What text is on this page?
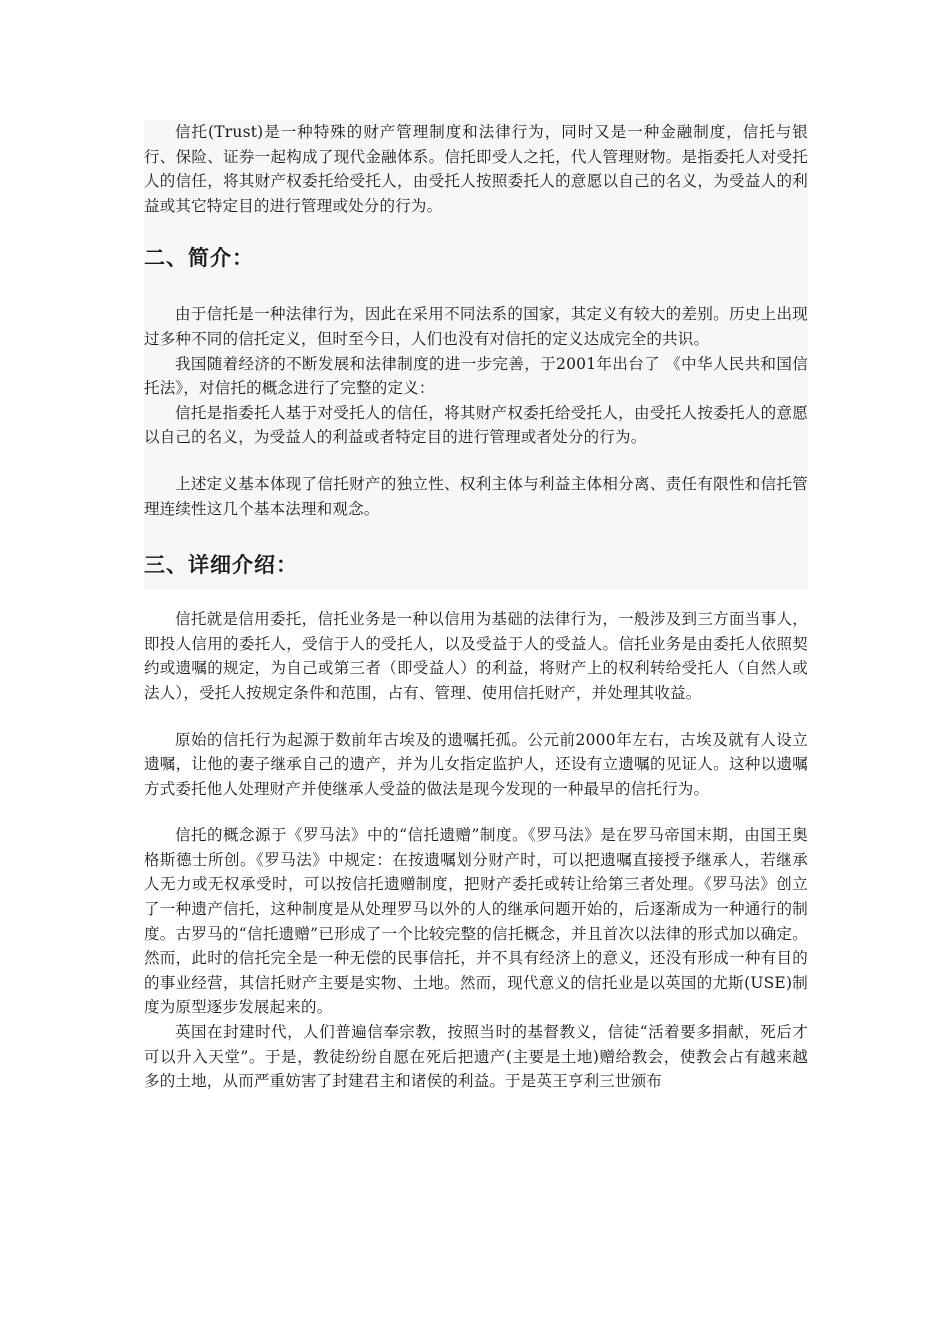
信托(Trust)是一种特殊的财产管理制度和法律行为，同时又是一种金融制度，信托与银行、保险、证券一起构成了现代金融体系。信托即受人之托，代人管理财物。是指委托人对受托人的信任，将其财产权委托给受托人，由受托人按照委托人的意愿以自己的名义，为受益人的利益或其它特定目的进行管理或处分的行为。

二、简介：

由于信托是一种法律行为，因此在采用不同法系的国家，其定义有较大的差别。历史上出现过多种不同的信托定义，但时至今日，人们也没有对信托的定义达成完全的共识。

我国随着经济的不断发展和法律制度的进一步完善，于2001年出台了 《中华人民共和国信托法》，对信托的概念进行了完整的定义：

信托是指委托人基于对受托人的信任，将其财产权委托给受托人，由受托人按委托人的意愿以自己的名义，为受益人的利益或者特定目的进行管理或者处分的行为。

上述定义基本体现了信托财产的独立性、权利主体与利益主体相分离、责任有限性和信托管理连续性这几个基本法理和观念。

三、详细介绍：

信托就是信用委托，信托业务是一种以信用为基础的法律行为，一般涉及到三方面当事人，即投人信用的委托人，受信于人的受托人，以及受益于人的受益人。信托业务是由委托人依照契约或遗嘱的规定，为自己或第三者（即受益人）的利益，将财产上的权利转给受托人（自然人或法人），受托人按规定条件和范围，占有、管理、使用信托财产，并处理其收益。

原始的信托行为起源于数前年古埃及的遗嘱托孤。公元前2000年左右，古埃及就有人设立遗嘱，让他的妻子继承自己的遗产，并为儿女指定监护人，还设有立遗嘱的见证人。这种以遗嘱方式委托他人处理财产并使继承人受益的做法是现今发现的一种最早的信托行为。

信托的概念源于《罗马法》中的“信托遗赠”制度。《罗马法》是在罗马帝国末期，由国王奥格斯德士所创。《罗马法》中规定：在按遗嘱划分财产时，可以把遗嘱直接授予继承人，若继承人无力或无权承受时，可以按信托遗赠制度，把财产委托或转让给第三者处理。《罗马法》创立了一种遗产信托，这种制度是从处理罗马以外的人的继承问题开始的，后逐渐成为一种通行的制度。古罗马的“信托遗赠”已形成了一个比较完整的信托概念，并且首次以法律的形式加以确定。然而，此时的信托完全是一种无偿的民事信托，并不具有经济上的意义，还没有形成一种有目的的事业经营，其信托财产主要是实物、土地。然而，现代意义的信托业是以英国的尤斯(USE)制度为原型逐步发展起来的。

英国在封建时代，人们普遍信奉宗教，按照当时的基督教义，信徒“活着要多捐献，死后才可以升入天堂”。于是，教徒纷纷自愿在死后把遗产(主要是土地)赠给教会，使教会占有越来越多的土地，从而严重妨害了封建君主和诸侯的利益。于是英王亨利三世颁布
